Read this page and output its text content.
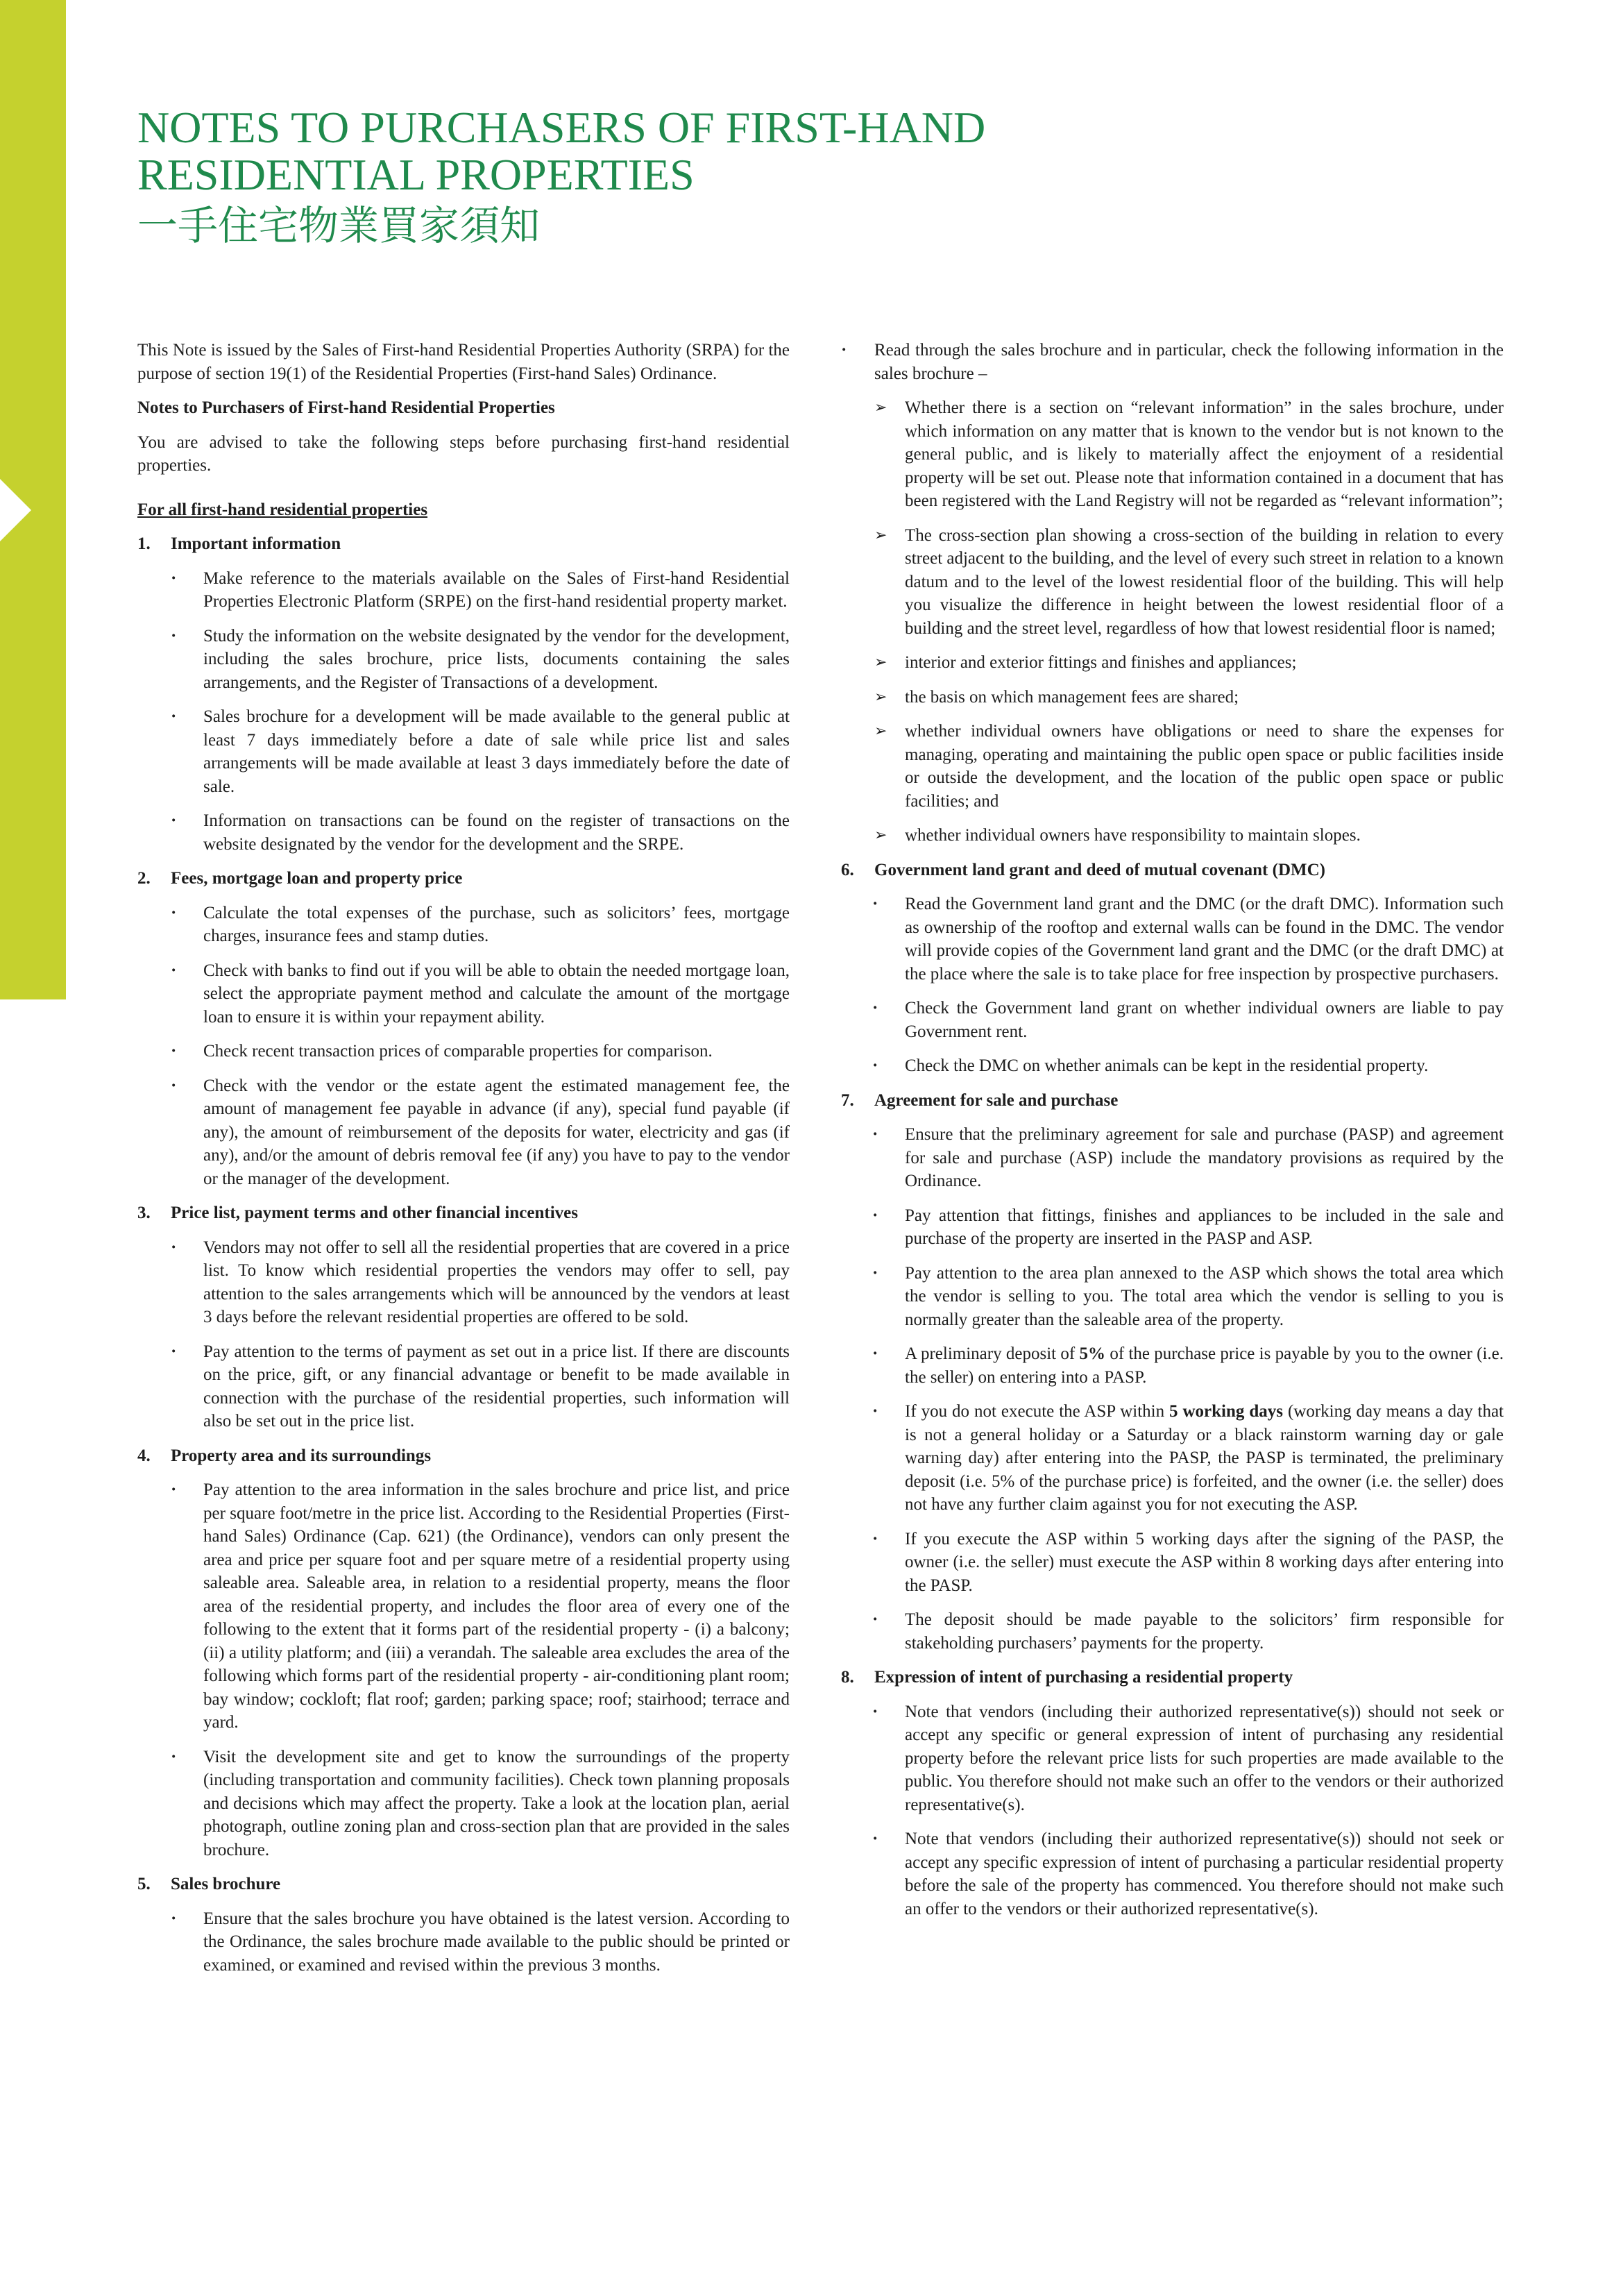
NOTES TO PURCHASERS OF FIRST-HAND
RESIDENTIAL PROPERTIES
一手住宅物業買家須知

This Note is issued by the Sales of First-hand Residential Properties Authority (SRPA) for the purpose of section 19(1) of the Residential Properties (First-hand Sales) Ordinance.

Notes to Purchasers of First-hand Residential Properties

You are advised to take the following steps before purchasing first-hand residential properties.

For all first-hand residential properties

1.	Important information
· Make reference to the materials available on the Sales of First-hand Residential Properties Electronic Platform (SRPE) on the first-hand residential property market.
· Study the information on the website designated by the vendor for the development, including the sales brochure, price lists, documents containing the sales arrangements, and the Register of Transactions of a development.
· Sales brochure for a development will be made available to the general public at least 7 days immediately before a date of sale while price list and sales arrangements will be made available at least 3 days immediately before the date of sale.
· Information on transactions can be found on the register of transactions on the website designated by the vendor for the development and the SRPE.
2.	Fees, mortgage loan and property price
· Calculate the total expenses of the purchase, such as solicitors’ fees, mortgage charges, insurance fees and stamp duties.
· Check with banks to find out if you will be able to obtain the needed mortgage loan, select the appropriate payment method and calculate the amount of the mortgage loan to ensure it is within your repayment ability.
· Check recent transaction prices of comparable properties for comparison.
· Check with the vendor or the estate agent the estimated management fee, the amount of management fee payable in advance (if any), special fund payable (if any), the amount of reimbursement of the deposits for water, electricity and gas (if any), and/or the amount of debris removal fee (if any) you have to pay to the vendor or the manager of the development.
3.	Price list, payment terms and other financial incentives
· Vendors may not offer to sell all the residential properties that are covered in a price list. To know which residential properties the vendors may offer to sell, pay attention to the sales arrangements which will be announced by the vendors at least 3 days before the relevant residential properties are offered to be sold.
· Pay attention to the terms of payment as set out in a price list. If there are discounts on the price, gift, or any financial advantage or benefit to be made available in connection with the purchase of the residential properties, such information will also be set out in the price list.
4.	Property area and its surroundings
· Pay attention to the area information in the sales brochure and price list, and price per square foot/metre in the price list. According to the Residential Properties (First-hand Sales) Ordinance (Cap. 621) (the Ordinance), vendors can only present the area and price per square foot and per square metre of a residential property using saleable area. Saleable area, in relation to a residential property, means the floor area of the residential property, and includes the floor area of every one of the following to the extent that it forms part of the residential property - (i) a balcony; (ii) a utility platform; and (iii) a verandah. The saleable area excludes the area of the following which forms part of the residential property - air-conditioning plant room; bay window; cockloft; flat roof; garden; parking space; roof; stairhood; terrace and yard.
· Visit the development site and get to know the surroundings of the property (including transportation and community facilities). Check town planning proposals and decisions which may affect the property. Take a look at the location plan, aerial photograph, outline zoning plan and cross-section plan that are provided in the sales brochure.
5.	Sales brochure
· Ensure that the sales brochure you have obtained is the latest version. According to the Ordinance, the sales brochure made available to the public should be printed or examined, or examined and revised within the previous 3 months.
· Read through the sales brochure and in particular, check the following information in the sales brochure –
➢ Whether there is a section on “relevant information” in the sales brochure, under which information on any matter that is known to the vendor but is not known to the general public, and is likely to materially affect the enjoyment of a residential property will be set out. Please note that information contained in a document that has been registered with the Land Registry will not be regarded as “relevant information”;
➢ The cross-section plan showing a cross-section of the building in relation to every street adjacent to the building, and the level of every such street in relation to a known datum and to the level of the lowest residential floor of the building. This will help you visualize the difference in height between the lowest residential floor of a building and the street level, regardless of how that lowest residential floor is named;
➢ interior and exterior fittings and finishes and appliances;
➢ the basis on which management fees are shared;
➢ whether individual owners have obligations or need to share the expenses for managing, operating and maintaining the public open space or public facilities inside or outside the development, and the location of the public open space or public facilities; and
➢ whether individual owners have responsibility to maintain slopes.
6.	Government land grant and deed of mutual covenant (DMC)
· Read the Government land grant and the DMC (or the draft DMC). Information such as ownership of the rooftop and external walls can be found in the DMC. The vendor will provide copies of the Government land grant and the DMC (or the draft DMC) at the place where the sale is to take place for free inspection by prospective purchasers.
· Check the Government land grant on whether individual owners are liable to pay Government rent.
· Check the DMC on whether animals can be kept in the residential property.
7.	Agreement for sale and purchase
· Ensure that the preliminary agreement for sale and purchase (PASP) and agreement for sale and purchase (ASP) include the mandatory provisions as required by the Ordinance.
· Pay attention that fittings, finishes and appliances to be included in the sale and purchase of the property are inserted in the PASP and ASP.
· Pay attention to the area plan annexed to the ASP which shows the total area which the vendor is selling to you. The total area which the vendor is selling to you is normally greater than the saleable area of the property.
· A preliminary deposit of 5% of the purchase price is payable by you to the owner (i.e. the seller) on entering into a PASP.
· If you do not execute the ASP within 5 working days (working day means a day that is not a general holiday or a Saturday or a black rainstorm warning day or gale warning day) after entering into the PASP, the PASP is terminated, the preliminary deposit (i.e. 5% of the purchase price) is forfeited, and the owner (i.e. the seller) does not have any further claim against you for not executing the ASP.
· If you execute the ASP within 5 working days after the signing of the PASP, the owner (i.e. the seller) must execute the ASP within 8 working days after entering into the PASP.
· The deposit should be made payable to the solicitors’ firm responsible for stakeholding purchasers’ payments for the property.
8.	Expression of intent of purchasing a residential property
· Note that vendors (including their authorized representative(s)) should not seek or accept any specific or general expression of intent of purchasing any residential property before the relevant price lists for such properties are made available to the public. You therefore should not make such an offer to the vendors or their authorized representative(s).
· Note that vendors (including their authorized representative(s)) should not seek or accept any specific expression of intent of purchasing a particular residential property before the sale of the property has commenced. You therefore should not make such an offer to the vendors or their authorized representative(s).
